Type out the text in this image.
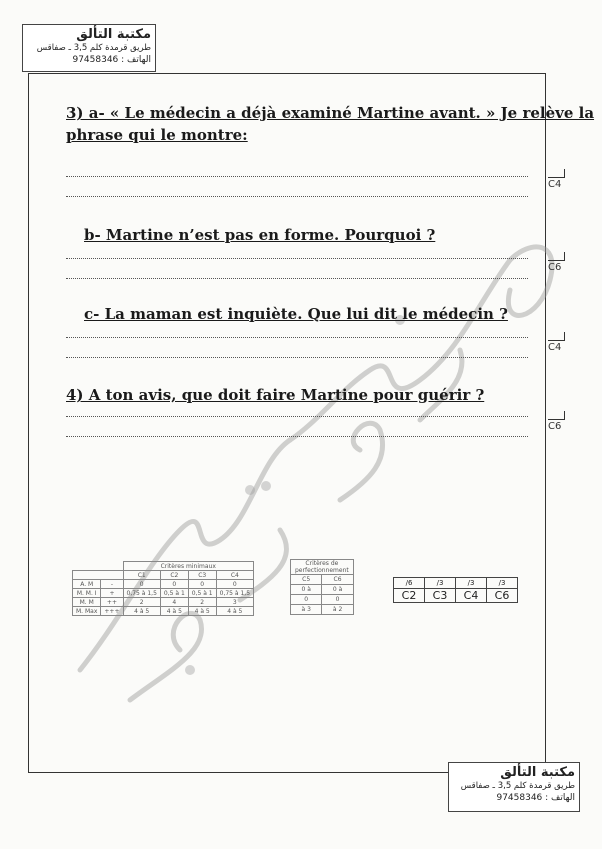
مكتبة التألق
طريق قرمدة كلم 3,5 ـ صفاقس
الهاتف : 97458346
3) a- « Le médecin a déjà examiné Martine avant. » Je relève la
phrase qui le montre:
b- Martine n’est pas en forme. Pourquoi ?
c- La maman est inquiète. Que lui dit le médecin ?
4) A ton avis, que doit faire Martine pour guérir ?
C4
C6
C4
C6
		Critères minimaux			
		C1	C2	C3	C4
A. M	-	0	0	0	0
M. M. I	+	0,75 à 1,5	0,5 à 1	0,5 à 1	0,75 à 1,5
M. M	++	2	4	2	3
M. Max	+++	4 à 5	4 à 5	4 à 5	4 à 5
Critères de
perfectionnement	
C5	C6
0 à	0 à
0	0
à 3	à 2
/6	/3	/3	/3
C2	C3	C4	C6
مكتبة التألق
طريق قرمدة كلم 3,5 ـ صفاقس
الهاتف : 97458346
